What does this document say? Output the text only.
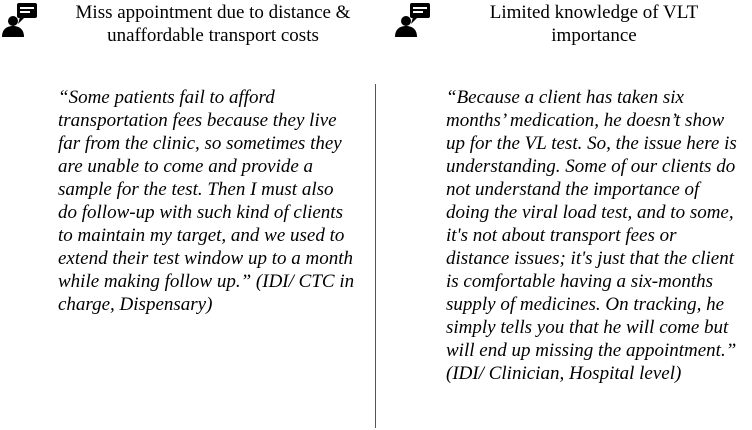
Miss appointment due to distance &
unaffordable transport costs

“Some patients fail to afford
transportation fees because they live
far from the clinic, so sometimes they
are unable to come and provide a
sample for the test. Then I must also
do follow-up with such kind of clients
to maintain my target, and we used to
extend their test window up to a month
while making follow up.” (IDI/ CTC in
charge, Dispensary)

Limited knowledge of VLT
importance

“Because a client has taken six
months’ medication, he doesn’t show
up for the VL test. So, the issue here is
understanding. Some of our clients do
not understand the importance of
doing the viral load test, and to some,
it's not about transport fees or
distance issues; it's just that the client
is comfortable having a six-months
supply of medicines. On tracking, he
simply tells you that he will come but
will end up missing the appointment.”
(IDI/ Clinician, Hospital level)
